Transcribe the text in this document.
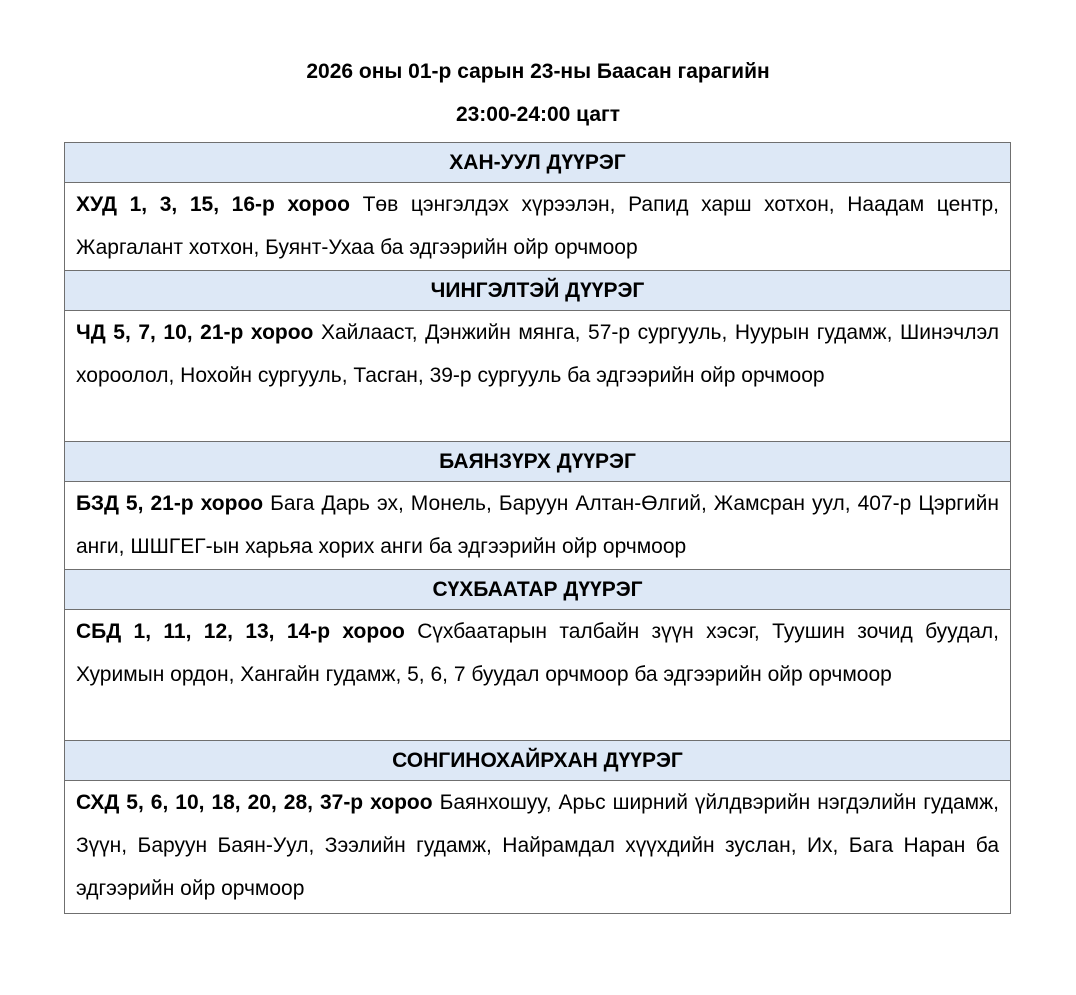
2026 оны 01-р сарын 23-ны Баасан гарагийн
23:00-24:00 цагт
ХАН-УУЛ ДҮҮРЭГ

ХУД 1, 3, 15, 16-р хороо Төв цэнгэлдэх хүрээлэн, Рапид харш хотхон, Наадам центр, Жаргалант хотхон, Буянт-Ухаа ба эдгээрийн ойр орчмоор

ЧИНГЭЛТЭЙ ДҮҮРЭГ

ЧД 5, 7, 10, 21-р хороо Хайлааст, Дэнжийн мянга, 57-р сургууль, Нуурын гудамж, Шинэчлэл хороолол, Нохойн сургууль, Тасган, 39-р сургууль ба эдгээрийн ойр орчмоор

БАЯНЗҮРХ ДҮҮРЭГ

БЗД 5, 21-р хороо Бага Дарь эх, Монель, Баруун Алтан-Өлгий, Жамсран уул, 407-р Цэргийн анги, ШШГЕГ-ын харьяа хорих анги ба эдгээрийн ойр орчмоор

СҮХБААТАР ДҮҮРЭГ

СБД 1, 11, 12, 13, 14-р хороо Сүхбаатарын талбайн зүүн хэсэг, Туушин зочид буудал, Хуримын ордон, Хангайн гудамж, 5, 6, 7 буудал орчмоор ба эдгээрийн ойр орчмоор

СОНГИНОХАЙРХАН ДҮҮРЭГ

СХД 5, 6, 10, 18, 20, 28, 37-р хороо Баянхошуу, Арьс ширний үйлдвэрийн нэгдэлийн гудамж, Зүүн, Баруун Баян-Уул, Зээлийн гудамж, Найрамдал хүүхдийн зуслан, Их, Бага Наран ба эдгээрийн ойр орчмоор
